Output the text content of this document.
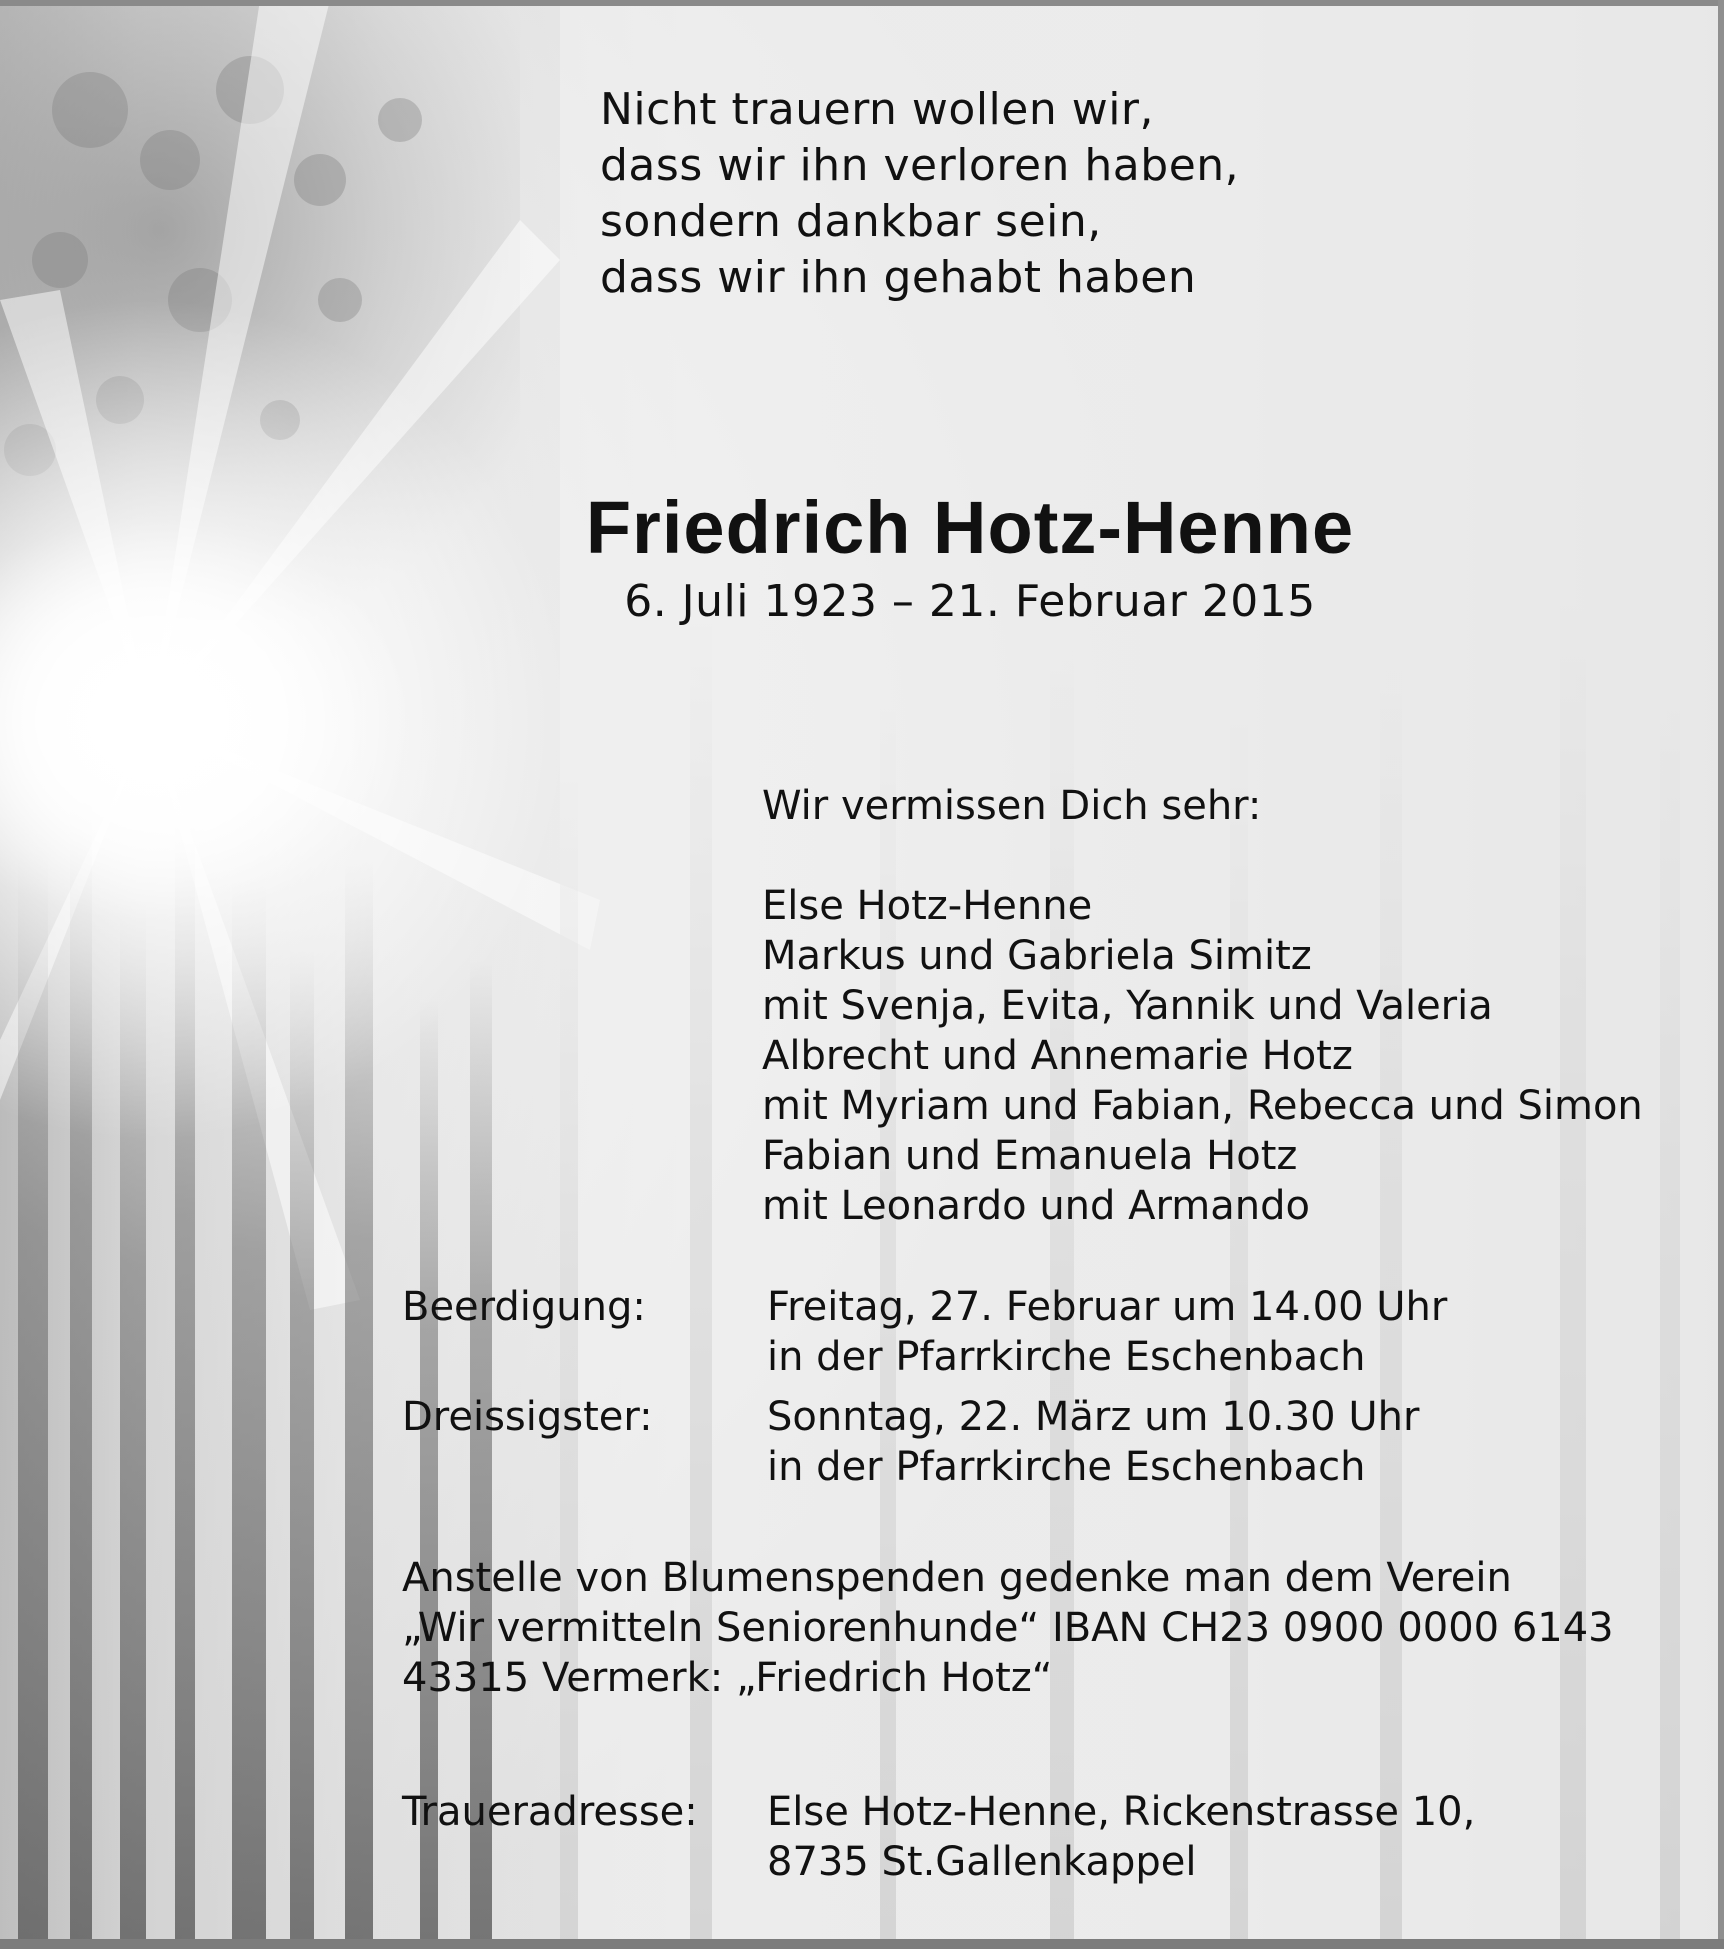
Nicht trauern wollen wir,
dass wir ihn verloren haben,
sondern dankbar sein,
dass wir ihn gehabt haben
Friedrich Hotz-Henne
6. Juli 1923 – 21. Februar 2015
Wir vermissen Dich sehr:
Else Hotz-Henne
Markus und Gabriela Simitz
mit Svenja, Evita, Yannik und Valeria
Albrecht und Annemarie Hotz
mit Myriam und Fabian, Rebecca und Simon
Fabian und Emanuela Hotz
mit Leonardo und Armando
Beerdigung:	Freitag, 27. Februar um 14.00 Uhr
in der Pfarrkirche Eschenbach
Dreissigster:	Sonntag, 22. März um 10.30 Uhr
in der Pfarrkirche Eschenbach
Anstelle von Blumenspenden gedenke man dem Verein
„Wir vermitteln Seniorenhunde“ IBAN CH23 0900 0000 6143
43315 Vermerk: „Friedrich Hotz“
Traueradresse: Else Hotz-Henne, Rickenstrasse 10,
8735 St.Gallenkappel
